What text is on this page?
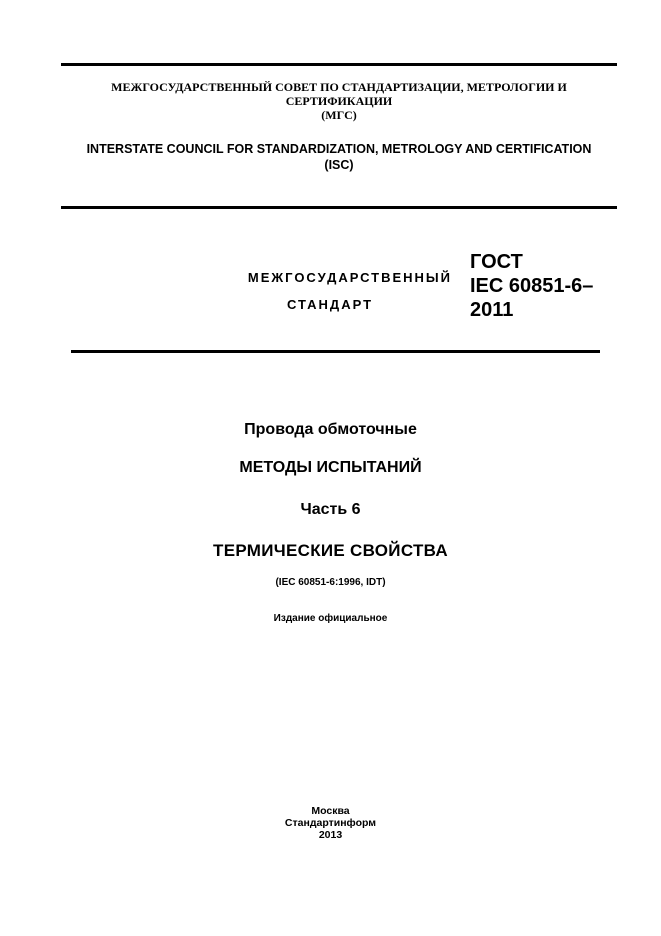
МЕЖГОСУДАРСТВЕННЫЙ СОВЕТ ПО СТАНДАРТИЗАЦИИ, МЕТРОЛОГИИ И
СЕРТИФИКАЦИИ
(МГС)
INTERSTATE COUNCIL FOR STANDARDIZATION, METROLOGY AND CERTIFICATION
(ISC)
МЕЖГОСУДАРСТВЕННЫЙ
СТАНДАРТ
ГОСТ
IEC 60851-6–
2011
Провода обмоточные
МЕТОДЫ ИСПЫТАНИЙ
Часть 6
ТЕРМИЧЕСКИЕ СВОЙСТВА
(IEC 60851-6:1996, IDT)
Издание официальное
Москва
Стандартинформ
2013
